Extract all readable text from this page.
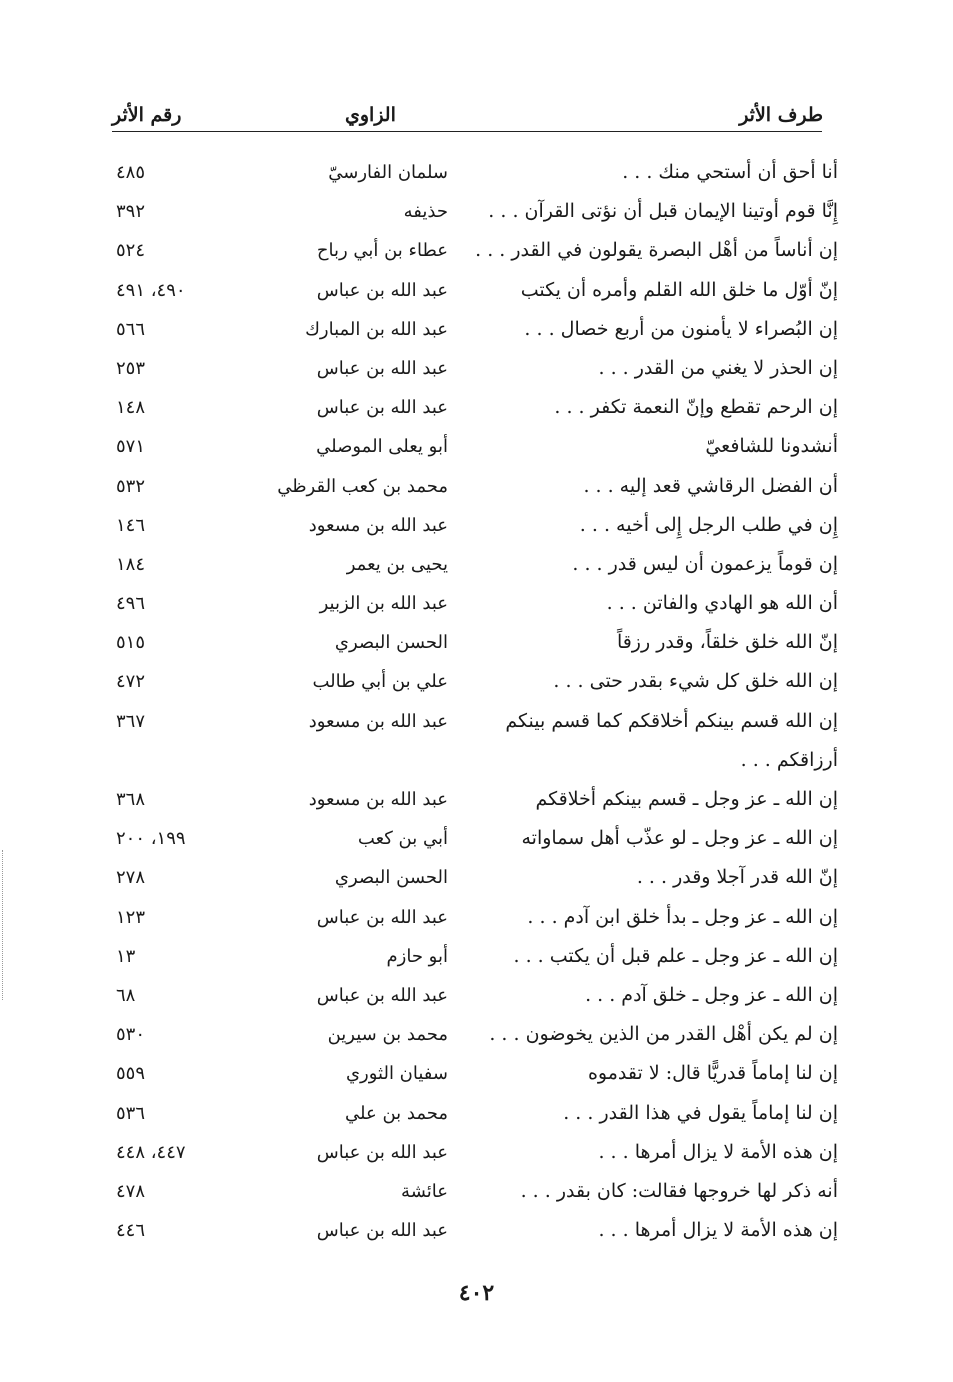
طرف الأثر
الزاوي
رقم الأثر
أنا أحق أن أستحي منك . . .
سلمان الفارسيّ
٤٨٥
إِنَّا قوم أوتينا الإيمان قبل أن نؤتى القرآن . . .
حذيفه
٣٩٢
إن أناساً من أهْل البصرة يقولون في القدر . . .
عطاء بن أبي رباح
٥٢٤
إنّ أوّل ما خلق الله القلم وأمره أن يكتب
عبد الله بن عباس
٤٩٠، ٤٩١
إن البُصراء لا يأمنون من أربع خصال . . .
عبد الله بن المبارك
٥٦٦
إن الحذر لا يغني من القدر . . .
عبد الله بن عباس
٢٥٣
إن الرحم تقطع وإنّ النعمة تكفر . . .
عبد الله بن عباس
١٤٨
أنشدونا للشافعيّ
أبو يعلى الموصلي
٥٧١
أن الفضل الرقاشي قعد إليه . . .
محمد بن كعب القرظي
٥٣٢
إِن في طلب الرجل إِلى أخيه . . .
عبد الله بن مسعود
١٤٦
إن قوماً يزعمون أن ليس قدر . . .
يحيى بن يعمر
١٨٤
أن الله هو الهادي والفاتن . . .
عبد الله بن الزبير
٤٩٦
إنّ الله خلق خلقاً، وقدر رزقاً
الحسن البصري
٥١٥
إن الله خلق كل شيء بقدر حتى . . .
علي بن أبي طالب
٤٧٢
إن الله قسم بينكم أخلاقكم كما قسم بينكم أرزاقكم . . .
عبد الله بن مسعود
٣٦٧
إن الله ـ عز وجل ـ قسم بينكم أخلاقكم
عبد الله بن مسعود
٣٦٨
إن الله ـ عز وجل ـ لو عذّب أهل سماواته
أبي بن كعب
١٩٩، ٢٠٠
إنّ الله قدر آجلا وقدر . . .
الحسن البصري
٢٧٨
إن الله ـ عز وجل ـ بدأ خلق ابن آدم . . .
عبد الله بن عباس
١٢٣
إن الله ـ عز وجل ـ علم قبل أن يكتب . . .
أبو حازم
١٣
إن الله ـ عز وجل ـ خلق آدم . . .
عبد الله بن عباس
٦٨
إن لم يكن أهْل القدر من الذين يخوضون . . .
محمد بن سيرين
٥٣٠
إن لنا إماماً قدريًّا قال: لا تقدموه
سفيان الثوري
٥٥٩
إن لنا إماماً يقول في هذا القدر . . .
محمد بن علي
٥٣٦
إن هذه الأمة لا يزال أمرها . . .
عبد الله بن عباس
٤٤٧، ٤٤٨
أنه ذكر لها خروجها فقالت: كان بقدر . . .
عائشة
٤٧٨
إن هذه الأمة لا يزال أمرها . . .
عبد الله بن عباس
٤٤٦
٤٠٢
